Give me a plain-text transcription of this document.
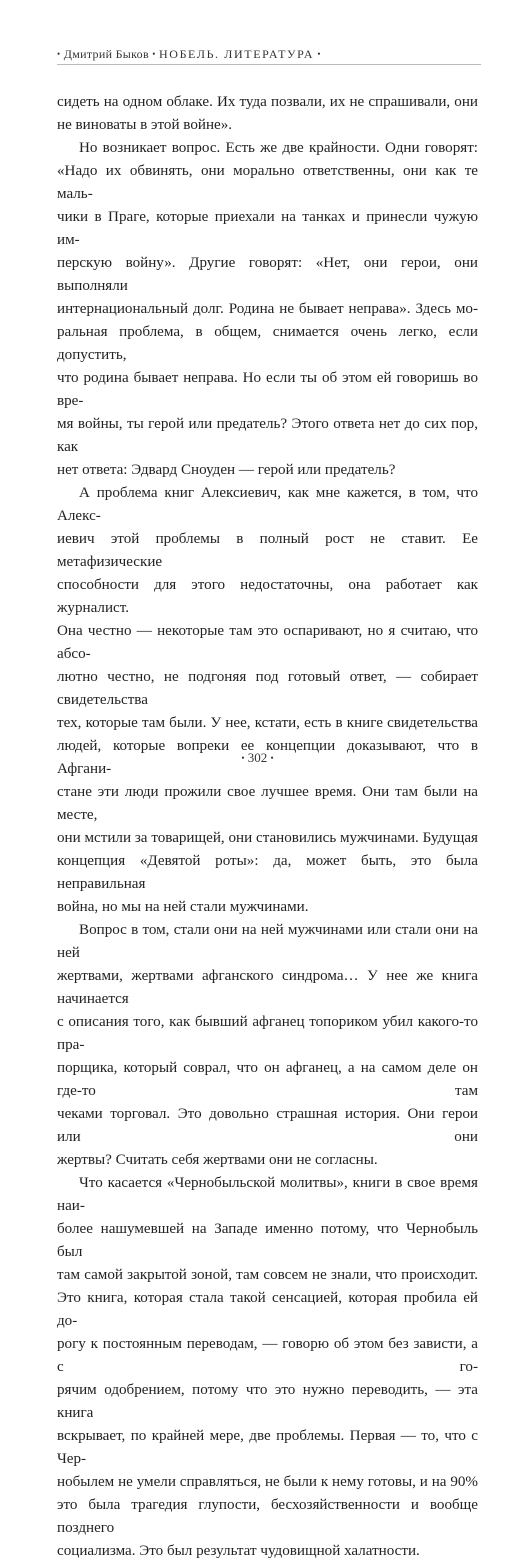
• Дмитрий Быков • НОБЕЛЬ. ЛИТЕРАТУРА •

сидеть на одном облаке. Их туда позвали, их не спрашивали, они
не виноваты в этой войне».

Но возникает вопрос. Есть же две крайности. Одни говорят:
«Надо их обвинять, они морально ответственны, они как те маль-
чики в Праге, которые приехали на танках и принесли чужую им-
перскую войну». Другие говорят: «Нет, они герои, они выполняли
интернациональный долг. Родина не бывает неправа». Здесь мо-
ральная проблема, в общем, снимается очень легко, если допустить,
что родина бывает неправа. Но если ты об этом ей говоришь во вре-
мя войны, ты герой или предатель? Этого ответа нет до сих пор, как
нет ответа: Эдвард Сноуден — герой или предатель?

А проблема книг Алексиевич, как мне кажется, в том, что Алекс-
иевич этой проблемы в полный рост не ставит. Ее метафизические
способности для этого недостаточны, она работает как журналист.
Она честно — некоторые там это оспаривают, но я считаю, что абсо-
лютно честно, не подгоняя под готовый ответ, — собирает свидетельства
тех, которые там были. У нее, кстати, есть в книге свидетельства
людей, которые вопреки ее концепции доказывают, что в Афгани-
стане эти люди прожили свое лучшее время. Они там были на месте,
они мстили за товарищей, они становились мужчинами. Будущая
концепция «Девятой роты»: да, может быть, это была неправильная
война, но мы на ней стали мужчинами.

Вопрос в том, стали они на ней мужчинами или стали они на ней
жертвами, жертвами афганского синдрома… У нее же книга начинается
с описания того, как бывший афганец топориком убил какого-то пра-
порщика, который соврал, что он афганец, а на самом деле он где-то там
чеками торговал. Это довольно страшная история. Они герои или они
жертвы? Считать себя жертвами они не согласны.

Что касается «Чернобыльской молитвы», книги в свое время наи-
более нашумевшей на Западе именно потому, что Чернобыль был
там самой закрытой зоной, там совсем не знали, что происходит.
Это книга, которая стала такой сенсацией, которая пробила ей до-
рогу к постоянным переводам, — говорю об этом без зависти, а с го-
рячим одобрением, потому что это нужно переводить, — эта книга
вскрывает, по крайней мере, две проблемы. Первая — то, что с Чер-
нобылем не умели справляться, не были к нему готовы, и на 90%
это была трагедия глупости, бесхозяйственности и вообще позднего
социализма. Это был результат чудовищной халатности.

• 302 •
